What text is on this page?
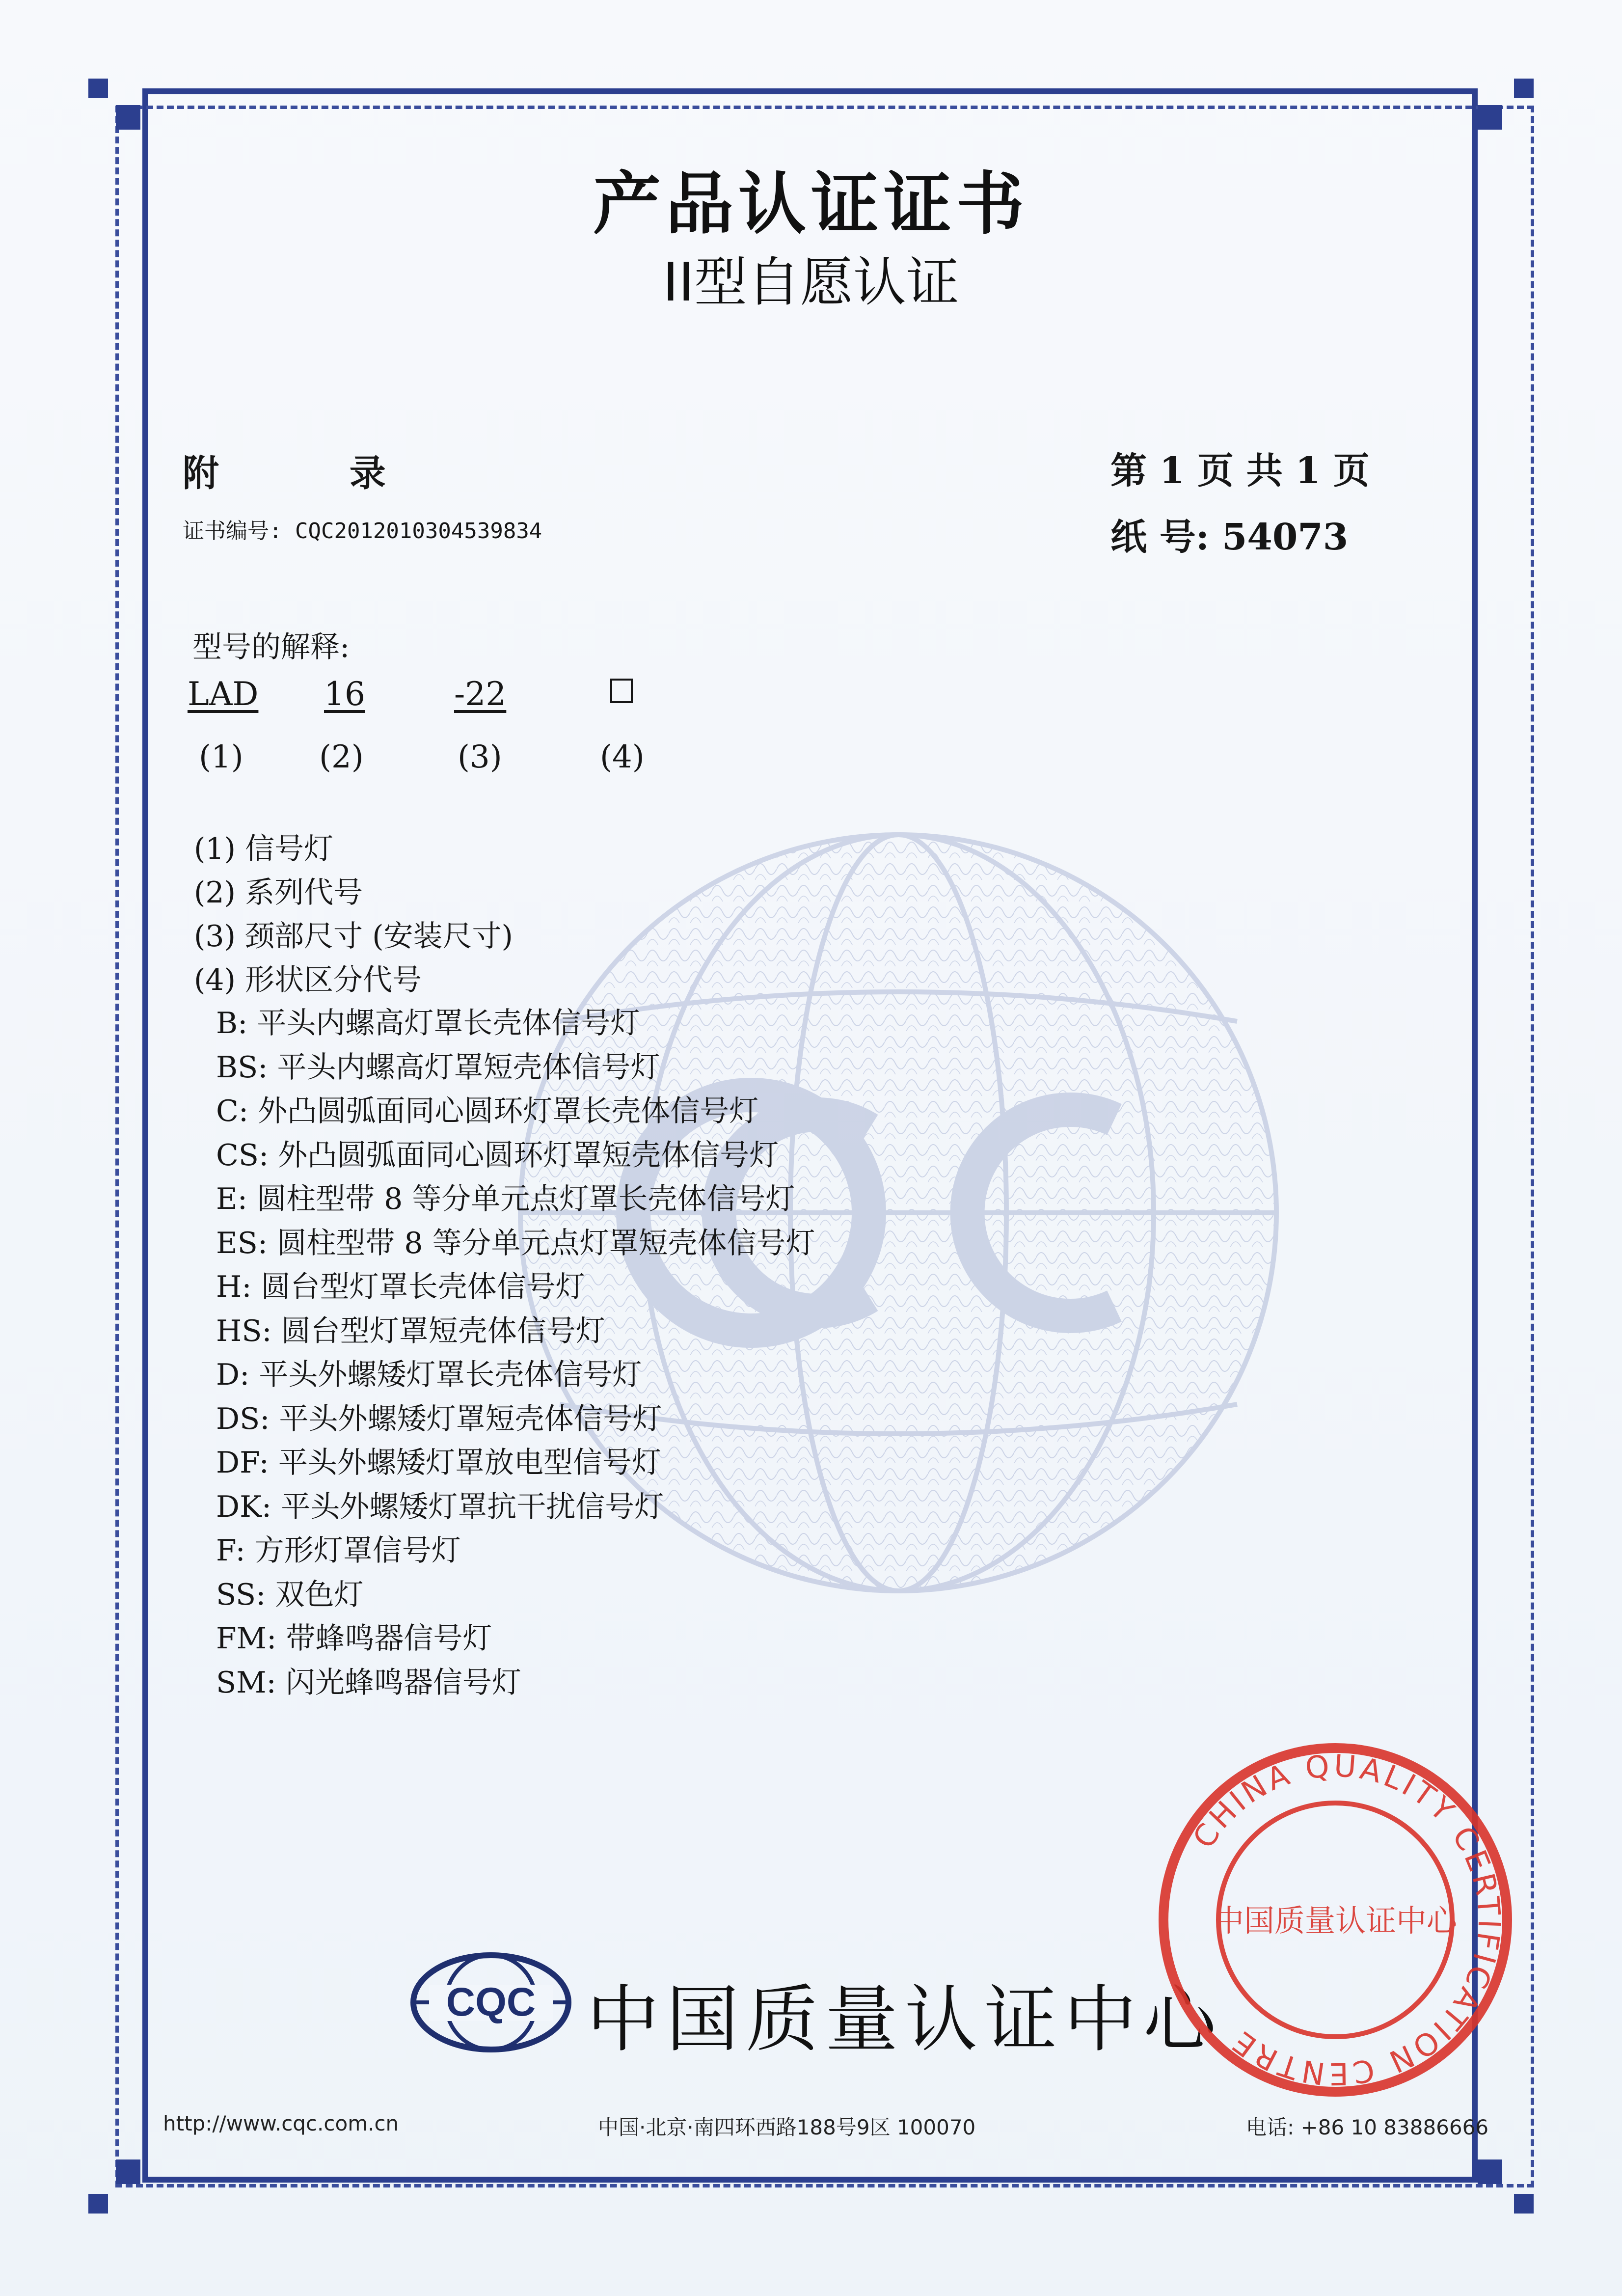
产品认证证书
II型自愿认证
附 录
证书编号: CQC2012010304539834
第 1 页 共 1 页
纸 号: 54073
型号的解释:
LAD 16	-22
(1) (2)	(3)	(4)
(1) 信号灯
(2) 系列代号
(3) 颈部尺寸 (安装尺寸)
(4) 形状区分代号
B: 平头内螺高灯罩长壳体信号灯
BS: 平头内螺高灯罩短壳体信号灯
C: 外凸圆弧面同心圆环灯罩长壳体信号灯
CS: 外凸圆弧面同心圆环灯罩短壳体信号灯
E: 圆柱型带 8 等分单元点灯罩长壳体信号灯
ES: 圆柱型带 8 等分单元点灯罩短壳体信号灯
H: 圆台型灯罩长壳体信号灯
HS: 圆台型灯罩短壳体信号灯
D: 平头外螺矮灯罩长壳体信号灯
DS: 平头外螺矮灯罩短壳体信号灯
DF: 平头外螺矮灯罩放电型信号灯
DK: 平头外螺矮灯罩抗干扰信号灯
F: 方形灯罩信号灯
SS: 双色灯
FM: 带蜂鸣器信号灯
SM: 闪光蜂鸣器信号灯
CQC 中国质量认证中心
http://www.cqc.com.cn	中国·北京·南四环西路188号9区 100070	电话: +86 10 83886666
CHINA QUALITY CERTIFICATION CENTRE
中国质量认证中心
